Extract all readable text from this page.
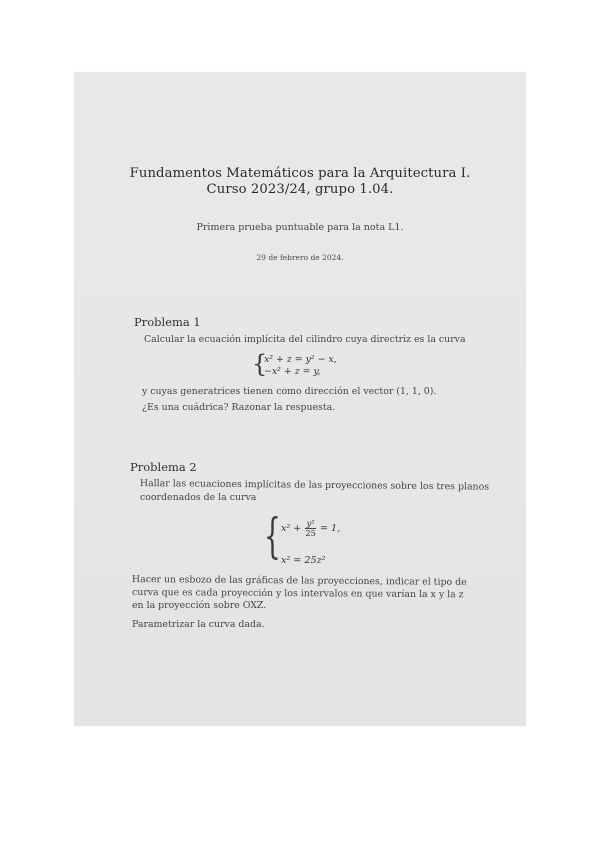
Fundamentos Matemáticos para la Arquitectura I.
Curso 2023/24, grupo 1.04.
Primera prueba puntuable para la nota L1.
29 de febrero de 2024.
Problema 1
Calcular la ecuación implícita del cilindro cuya directriz es la curva
{
x² + z = y² − x,
−x² + z = y,
y cuyas generatrices tienen como dirección el vector (1, 1, 0).
¿Es una cuádrica? Razonar la respuesta.
Problema 2
Hallar las ecuaciones implícitas de las proyecciones sobre los tres planos
coordenados de la curva
{ $x^2 + \frac{\text{y²}}{25} = 1$,
x² = 25z²
Hacer un esbozo de las gráficas de las proyecciones, indicar el tipo de
curva que es cada proyección y los intervalos en que varían la x y la z
en la proyección sobre OXZ.
Parametrizar la curva dada.
